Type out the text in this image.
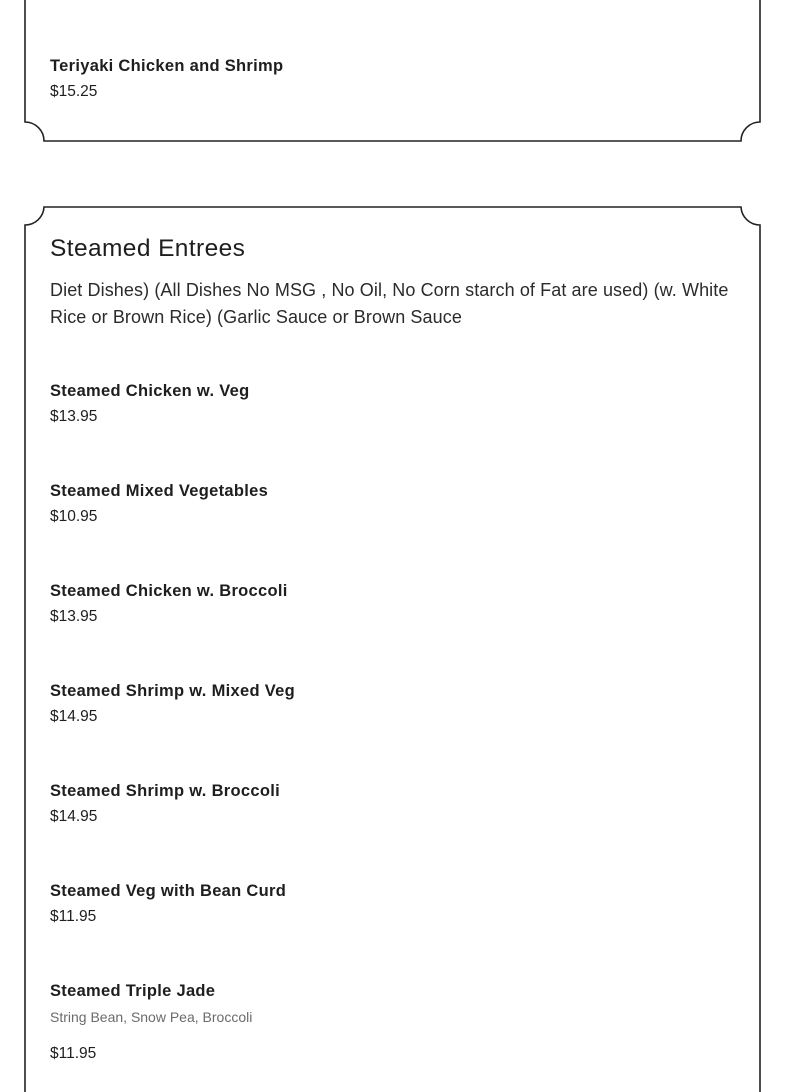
Teriyaki Chicken and Shrimp
$15.25
Steamed Entrees
Diet Dishes) (All Dishes No MSG , No Oil, No Corn starch of Fat are used) (w. White Rice or Brown Rice) (Garlic Sauce or Brown Sauce
Steamed Chicken w. Veg
$13.95
Steamed Mixed Vegetables
$10.95
Steamed Chicken w. Broccoli
$13.95
Steamed Shrimp w. Mixed Veg
$14.95
Steamed Shrimp w. Broccoli
$14.95
Steamed Veg with Bean Curd
$11.95
Steamed Triple Jade
String Bean, Snow Pea, Broccoli
$11.95
